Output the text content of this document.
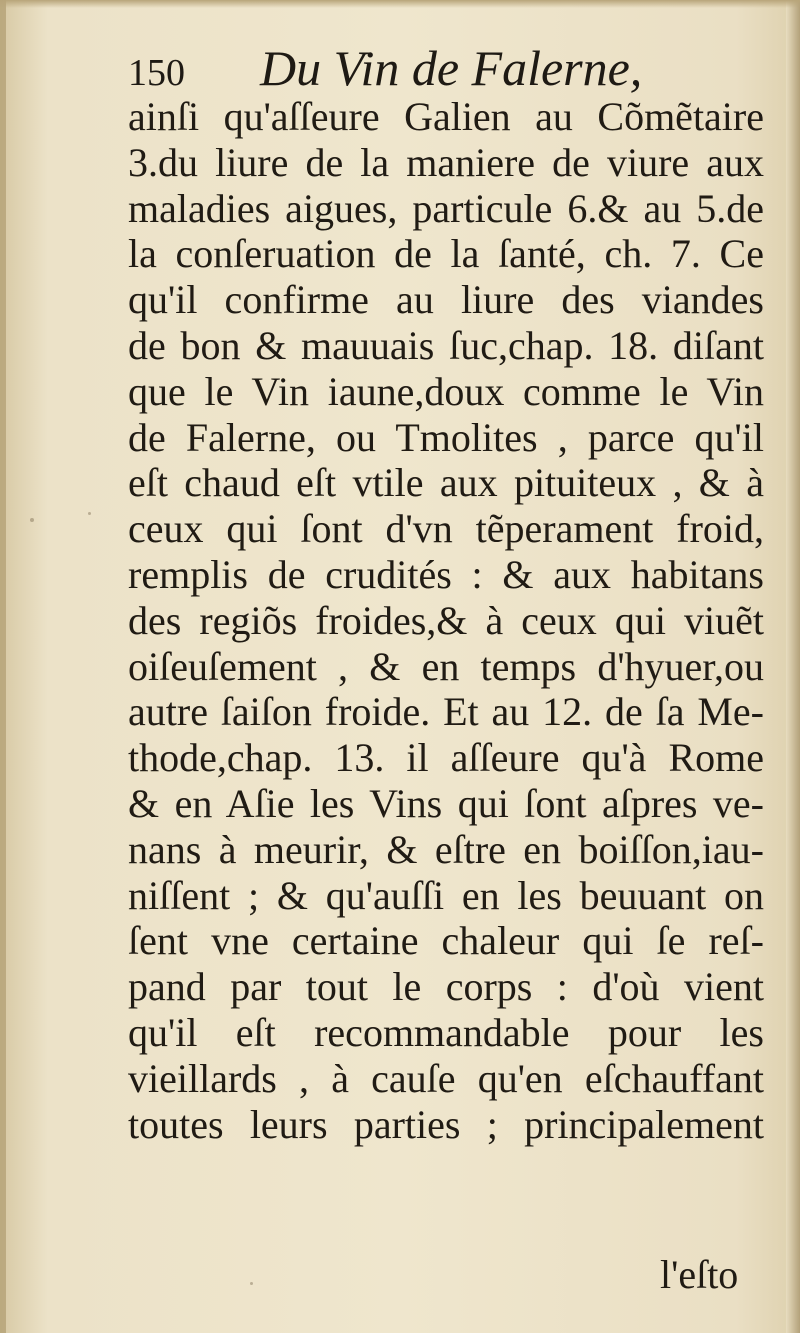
150 Du Vin de Falerne,
ainſi qu'aſſeure Galien au Cõmẽtaire
3.du liure de la maniere de viure aux
maladies aigues, particule 6.& au 5.de
la conſeruation de la ſanté, ch. 7. Ce
qu'il confirme au liure des viandes
de bon & mauuais ſuc,chap. 18. diſant
que le Vin iaune,doux comme le Vin
de Falerne, ou Tmolites , parce qu'il
eſt chaud eſt vtile aux pituiteux , & à
ceux qui ſont d'vn tẽperament froid,
remplis de crudités : & aux habitans
des regiõs froides,& à ceux qui viuẽt
oiſeuſement , & en temps d'hyuer,ou
autre ſaiſon froide. Et au 12. de ſa Me-
thode,chap. 13. il aſſeure qu'à Rome
& en Aſie les Vins qui ſont aſpres ve-
nans à meurir, & eſtre en boiſſon,iau-
niſſent ; & qu'auſſi en les beuuant on
ſent vne certaine chaleur qui ſe reſ-
pand par tout le corps : d'où vient
qu'il eſt recommandable pour les
vieillards , à cauſe qu'en eſchauffant
toutes leurs parties ; principalement
l'eſto
